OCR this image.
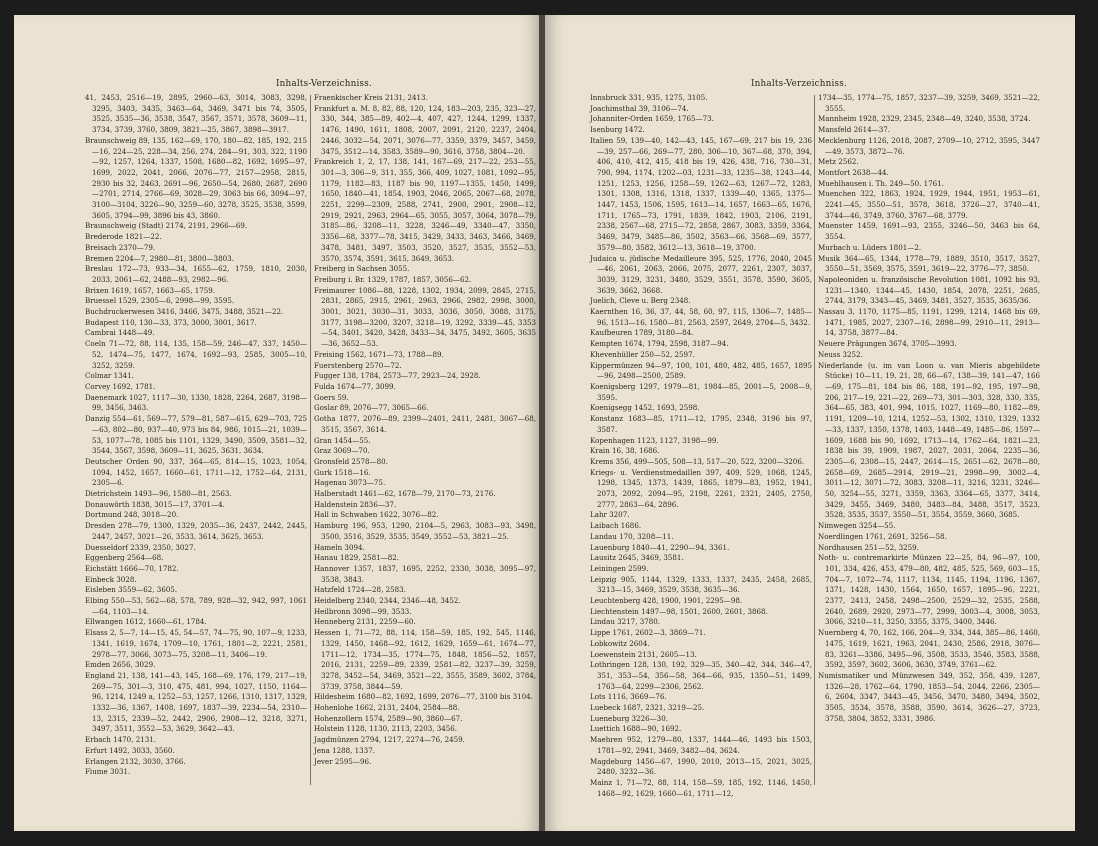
Inhalts-Verzeichniss.
41, 2453, 2516—19, 2895, 2960—63, 3014, 3083, 3298, 3295, 3403, 3435, 3463—64, 3469, 3471 bis 74, 3505, 3525, 3535—36, 3538, 3547, 3567, 3571, 3578, 3609—11, 3734, 3739, 3760, 3809, 3821—25, 3867, 3898—3917.
Braunschweig 89, 135, 162—69, 170, 180—82, 185, 192, 215—16, 224—25, 228—34, 256, 274, 284—91, 303, 322, 1190—92, 1257, 1264, 1337, 1508, 1680—82, 1692, 1695—97, 1699, 2022, 2041, 2066, 2076—77, 2157—2958, 2815, 2930 bis 32, 2463, 2691—96, 2650—54, 2680, 2687, 2690—2701, 2714, 2766—69, 3028—29, 3063 bis 66, 3094—97, 3100—3104, 3226—90, 3259—60, 3278, 3525, 3538, 3599, 3605, 3794—99, 3896 bis 43, 3860.
Braunschweig (Stadt) 2174, 2191, 2966—69.
Brederode 1821—22.
Breisach 2370—79.
Bremen 2204—7, 2980—81, 3800—3803.
Breslau 172—73, 933—34, 1655—62, 1759, 1810, 2030, 2033, 2061—62, 2488—93, 2982—96.
Brixen 1619, 1657, 1663—65, 1759.
Bruessel 1529, 2305—6, 2998—99, 3595.
Buchdruckerwesen 3416, 3466, 3475, 3488, 3521—22.
Budapest 110, 130—33, 373, 3000, 3001, 3617.
Cambrai 1448—49.
Coeln 71—72, 88, 114, 135, 158—59, 246—47, 337, 1450—52, 1474—75, 1477, 1674, 1692—93, 2585, 3005—10, 3252, 3259.
Colmar 1341.
Corvey 1692, 1781.
Daenemark 1027, 1117—30, 1330, 1828, 2264, 2687, 3198—99, 3456, 3463.
Danzig 554—61, 569—77, 579—81, 587—615, 629—703, 725—63, 802—80, 937—40, 973 bis 84, 986, 1015—21, 1039—53, 1077—78, 1085 bis 1101, 1329, 3490, 3509, 3581—32, 3544, 3567, 3598, 3609—11, 3625, 3631, 3634.
Deutscher Orden 90, 337, 364—65, 814—15, 1023, 1054, 1094, 1452, 1657, 1660—61, 1711—12, 1752—64, 2131, 2305—6.
Dietrichstein 1493—96, 1580—81, 2563.
Donauwörth 1838, 3015—17, 3701—4.
Dortmund 248, 3018—20.
Dresden 278—79, 1300, 1329, 2035—36, 2437, 2442, 2445, 2447, 2457, 3021—26, 3533, 3614, 3625, 3653.
Duesseldorf 2339, 2350, 3027.
Eggenberg 2564—68.
Eichstätt 1666—70, 1782.
Einbeck 3028.
Eisleben 3559—62, 3605.
Elbing 550—53, 562—68, 578, 789, 928—32, 942, 997, 1061—64, 1103—14.
Ellwangen 1612, 1660—61, 1784.
Elsass 2, 5—7, 14—15, 45, 54—57, 74—75, 90, 107—9, 1233, 1341, 1619, 1674, 1709—10, 1761, 1801—2, 2221, 2581, 2978—77, 3066, 3073—75, 3208—11, 3406—19.
Emden 2656, 3029.
England 21, 138, 141—43, 145, 168—69, 176, 179, 217—19, 269—75, 301—3, 310, 475, 481, 994, 1027, 1150, 1164—96, 1214, 1249 a, 1252—53, 1257, 1266, 1310, 1317, 1329, 1332—36, 1367, 1408, 1697, 1837—39, 2234—54, 2310—13, 2315, 2339—52, 2442, 2906, 2908—12, 3218, 3271, 3497, 3511, 3552—53, 3629, 3642—43.
Erbach 1470, 2131.
Erfurt 1492, 3033, 3560.
Erlangen 2132, 3030, 3766.
Fiume 3031.
Fraenkischer Kreis 2131, 2413.
Frankfurt a. M. 8, 82, 88, 120, 124, 183—203, 235, 323—27, 330, 344, 385—89, 402—4, 407, 427, 1244, 1299, 1337, 1476, 1490, 1611, 1808, 2007, 2091, 2120, 2237, 2404, 2446, 3032—54, 2071, 3076—77, 3359, 3379, 3457, 3459, 3475, 3512—14, 3583, 3589—90, 3616, 3758, 3804—20.
Frankreich 1, 2, 17, 138, 141, 167—69, 217—22, 253—55, 301—3, 306—9, 311, 355, 366, 409, 1027, 1081, 1092—95, 1179, 1182—83, 1187 bis 90, 1197—1355, 1450, 1499, 1650, 1840—41, 1854, 1903, 2046, 2065, 2067—68, 2078, 2251, 2299—2309, 2588, 2741, 2900, 2901, 2908—12, 2919, 2921, 2963, 2964—65, 3055, 3057, 3064, 3078—79, 3185—86, 3208—11, 3228, 3246—49, 3340—47, 3350, 3356—68, 3377—78, 3415, 3429, 3433, 3463, 3466, 3469, 3478, 3481, 3497, 3503, 3520, 3527, 3535, 3552—53, 3570, 3574, 3591, 3615, 3649, 3653.
Freiberg in Sachsen 3055.
Freiburg i. Br. 1329, 1787, 1857, 3056—62.
Freimaurer 1086—88, 1228, 1302, 1934, 2099, 2845, 2715, 2831, 2865, 2915, 2961, 2963, 2966, 2982, 2998, 3000, 3001, 3021, 3030—31, 3033, 3036, 3050, 3088, 3175, 3177, 3198—3200, 3207, 3218—19, 3292, 3339—45, 3353—54, 3401, 3420, 3428, 3433—34, 3475, 3492, 3605, 3635—36, 3652—53.
Freising 1562, 1671—73, 1788—89.
Fuerstenberg 2570—72.
Fugger 138, 1784, 2573—77, 2923—24, 2928.
Fulda 1674—77, 3099.
Goers 59.
Goslar 89, 2076—77, 3065—66.
Gotha 1877, 2076—89, 2399—2401, 2411, 2481, 3067—68, 3515, 3567, 3614.
Gran 1454—55.
Graz 3069—70.
Gronsfeld 2578—80.
Gurk 1518—16.
Hagenau 3073—75.
Halberstadt 1461—62, 1678—79, 2170—73, 2176.
Haldenstein 2836—37.
Hall in Schwaben 1622, 3076—82.
Hamburg 196, 953, 1290, 2104—5, 2963, 3083—93, 3498, 3500, 3516, 3529, 3535, 3549, 3552—53, 3821—25.
Hameln 3094.
Hanau 1829, 2581—82.
Hannover 1357, 1837, 1695, 2252, 2330, 3038, 3095—97, 3538, 3843.
Hatzfeld 1724—28, 2583.
Heidelberg 2340, 2344, 2346—48, 3452.
Heilbronn 3098—99, 3533.
Henneberg 2131, 2259—60.
Hessen 1, 71—72, 88, 114, 158—59, 185, 192, 545, 1146, 1329, 1450, 1468—92, 1612, 1629, 1659—61, 1674—77, 1711—12, 1734—35, 1774—75, 1848, 1856—52, 1857, 2016, 2131, 2259—89, 2339, 2581—82, 3237—39, 3259, 3278, 3452—54, 3469, 3521—22, 3555, 3589, 3602, 3784, 3739, 3758, 3844—59.
Hildesheim 1680—82, 1692, 1699, 2076—77, 3100 bis 3104.
Hohenlohe 1662, 2131, 2404, 2584—88.
Hohenzollern 1574, 2589—90, 3860—67.
Holstein 1128, 1130, 2113, 2203, 3456.
Jagdmünzen 2794, 1217, 2274—76, 2459.
Jena 1288, 1337.
Jever 2595—96.
Inhalts-Verzeichniss.
Innsbruck 331, 935, 1275, 3105.
Joachimsthal 39, 3106—74.
Johanniter-Orden 1659, 1765—73.
Isenburg 1472.
Italien 59, 139—40, 142—43, 145, 167—69, 217 bis 19, 236—39, 257—66, 269—77, 280, 306—10, 367—68, 370, 394, 406, 410, 412, 415, 418 bis 19, 426, 438, 716, 730—31, 790, 994, 1174, 1202—03, 1231—33, 1235—38, 1243—44, 1251, 1253, 1256, 1258—59, 1262—63, 1267—72, 1283, 1301, 1308, 1316, 1318, 1337, 1339—40, 1365, 1375—1447, 1453, 1506, 1595, 1613—14, 1657, 1663—65, 1676, 1711, 1765—73, 1791, 1839, 1842, 1903, 2106, 2191, 2338, 2567—68, 2715—72, 2858, 2867, 3083, 3359, 3364, 3469, 3479, 3485—86, 3502, 3563—66, 3568—69, 3577, 3579—80, 3582, 3612—13, 3618—19, 3700.
Judaica u. jüdische Medailleure 395, 525, 1776, 2040, 2045—46, 2061, 2063, 2066, 2075, 2077, 2261, 2307, 3037, 3039, 3129, 3231, 3480, 3529, 3551, 3578, 3590, 3605, 3639, 3662, 3668.
Juelich, Cleve u. Berg 2348.
Kaernthen 16, 36, 37, 44, 58, 60, 97, 115, 1306—7, 1485—96, 1513—16, 1580—81, 2563, 2597, 2649, 2704—5, 3432.
Kaufbeuren 1789, 3180—84.
Kempten 1674, 1794, 2598, 3187—94.
Khevenhüller 250—52, 2597.
Kippermünzen 94—97, 100, 101, 480, 482, 485, 1657, 1895—96, 2498—2500, 2589.
Koenigsberg 1297, 1979—81, 1984—85, 2001—5, 2008—9, 3595.
Koenigsegg 1452, 1693, 2598.
Konstanz 1683—85, 1711—12, 1795, 2348, 3196 bis 97, 3587.
Kopenhagen 1123, 1127, 3198—99.
Krain 16, 38, 1686.
Krems 356, 499—505, 508—13, 517—20, 522, 3200—3206.
Kriegs- u. Verdienstmedaillen 397, 409, 529, 1068, 1245, 1298, 1345, 1373, 1439, 1865, 1879—83, 1952, 1941, 2073, 2092, 2094—95, 2198, 2261, 2321, 2405, 2750, 2777, 2863—64, 2896.
Lahr 3207.
Laibach 1686.
Landau 170, 3208—11.
Lauenburg 1840—41, 2290—94, 3361.
Lausitz 2645, 3469, 3581.
Leiningen 2599.
Leipzig 905, 1144, 1329, 1333, 1337, 2435, 2458, 2685, 3213—15, 3469, 3529, 3538, 3635—36.
Leuchtenberg 428, 1900, 1901, 2295—98.
Liechtenstein 1497—98, 1501, 2600, 2601, 3868.
Lindau 3217, 3780.
Lippe 1761, 2602—3, 3869—71.
Lobkowitz 2604.
Loewenstein 2131, 2605—13.
Lothringen 128, 130, 192, 329—35, 340—42, 344, 346—47, 351, 353—54, 356—58, 364—66, 935, 1350—51, 1499, 1763—64, 2299—2306, 2562.
Lots 1116, 3669—76.
Luebeck 1687, 2321, 3219—25.
Lueneburg 3226—30.
Luettich 1688—90, 1692.
Maehren 952, 1279—80, 1337, 1444—46, 1493 bis 1503, 1781—92, 2941, 3469, 3482—84, 3624.
Magdeburg 1456—67, 1990, 2010, 2013—15, 2021, 3025, 2480, 3232—36.
Mainz 1, 71—72, 88, 114, 158—59, 185, 192, 1146, 1450, 1468—92, 1629, 1660—61, 1711—12,
1734—35, 1774—75, 1857, 3237—39, 3259, 3469, 3521—22, 3555.
Mannheim 1928, 2329, 2345, 2348—49, 3240, 3538, 3724.
Mansfeld 2614—37.
Mecklenburg 1126, 2018, 2087, 2709—10, 2712, 3595, 3447—49, 3573, 3872—76.
Metz 2562.
Montfort 2638—44.
Muehlhausen i. Th. 249—50. 1761.
Muenchen 322, 1863, 1924, 1929, 1944, 1951, 1953—61, 2241—45, 3550—51, 3578, 3618, 3726—27, 3740—41, 3744—46, 3749, 3760, 3767—68, 3779.
Muenster 1459, 1691—93, 2355, 3246—50, 3463 bis 64, 3554.
Murbach u. Lüders 1801—2.
Musik 364—65, 1344, 1778—79, 1889, 3510, 3517, 3527, 3550—51, 3569, 3575, 3591, 3619—22, 3776—77, 3850.
Napoleoniden u. französische Revolution 1081, 1092 bis 93, 1231—1340, 1344—45, 1430, 1854, 2078, 2251, 2685, 2744, 3179, 3343—45, 3469, 3481, 3527, 3535, 3635/36.
Nassau 3, 1170, 1175—85, 1191, 1299, 1214, 1468 bis 69, 1471, 1985, 2027, 2307—16, 2898—99, 2910—11, 2913—14, 3758, 3877—84.
Neuere Prägungen 3674, 3705—3993.
Neuss 3252.
Niederlande (u. im van Loon u. van Mieris abgebildete Stücke) 10—11, 19, 21, 28, 66—67, 138—39, 141—47, 166—69, 175—81, 184 bis 86, 188, 191—92, 195, 197—98, 206, 217—19, 221—22, 269—73, 301—303, 328, 330, 335, 364—65, 383, 401, 994, 1015, 1027, 1169—80, 1182—89, 1191, 1209—10, 1214, 1252—53, 1302, 1310, 1329, 1332—33, 1337, 1350, 1378, 1403, 1448—49, 1485—86, 1597—1609, 1688 bis 90, 1692, 1713—14, 1762—64, 1821—23, 1838 bis 39, 1909, 1987, 2027, 2031, 2064, 2235—36, 2305—6, 2308—15, 2447, 2614—15, 2651—62, 2678—80, 2658—69, 2685—2914, 2919—21, 2998—99, 3002—4, 3011—12, 3071—72, 3083, 3208—11, 3216, 3231, 3246—50, 3254—55, 3271, 3359, 3363, 3364—65, 3377, 3414, 3429, 3455, 3469, 3480, 3483—84, 3488, 3517, 3523, 3528, 3535, 3537, 3550—51, 3554, 3559, 3660, 3685.
Nimwegen 3254—55.
Noerdlingen 1761, 2691, 3256—58.
Nordhausen 251—52, 3259.
Noth- u. contremarkirte Münzen 22—25, 84, 96—97, 100, 101, 334, 426, 453, 479—80, 482, 485, 525, 569, 603—15, 704—7, 1072—74, 1117, 1134, 1145, 1194, 1196, 1367, 1371, 1428, 1430, 1564, 1650, 1657, 1895—96, 2221, 2377, 2413, 2458, 2498—2500, 2529—32, 2535, 2588, 2640, 2689, 2920, 2973—77, 2999, 3003—4, 3008, 3053, 3066, 3210—11, 3250, 3355, 3375, 3400, 3446.
Nuernberg 4, 70, 162, 166, 204—9, 334, 344, 385—86, 1460, 1475, 1619, 1621, 1963, 2041, 2430, 2586, 2918, 3076—83, 3261—3386, 3495—96, 3508, 3533, 3546, 3583, 3588, 3592, 3597, 3602, 3606, 3630, 3749, 3761—62.
Numismatiker und Münzwesen 349, 352, 358, 439, 1287, 1326—28, 1762—64, 1790, 1853—54, 2044, 2266, 2305—6, 2604, 3347, 3443—45, 3456, 3470, 3480, 3494, 3502, 3505, 3534, 3578, 3588, 3590, 3614, 3626—27, 3723, 3758, 3804, 3852, 3331, 3986.
